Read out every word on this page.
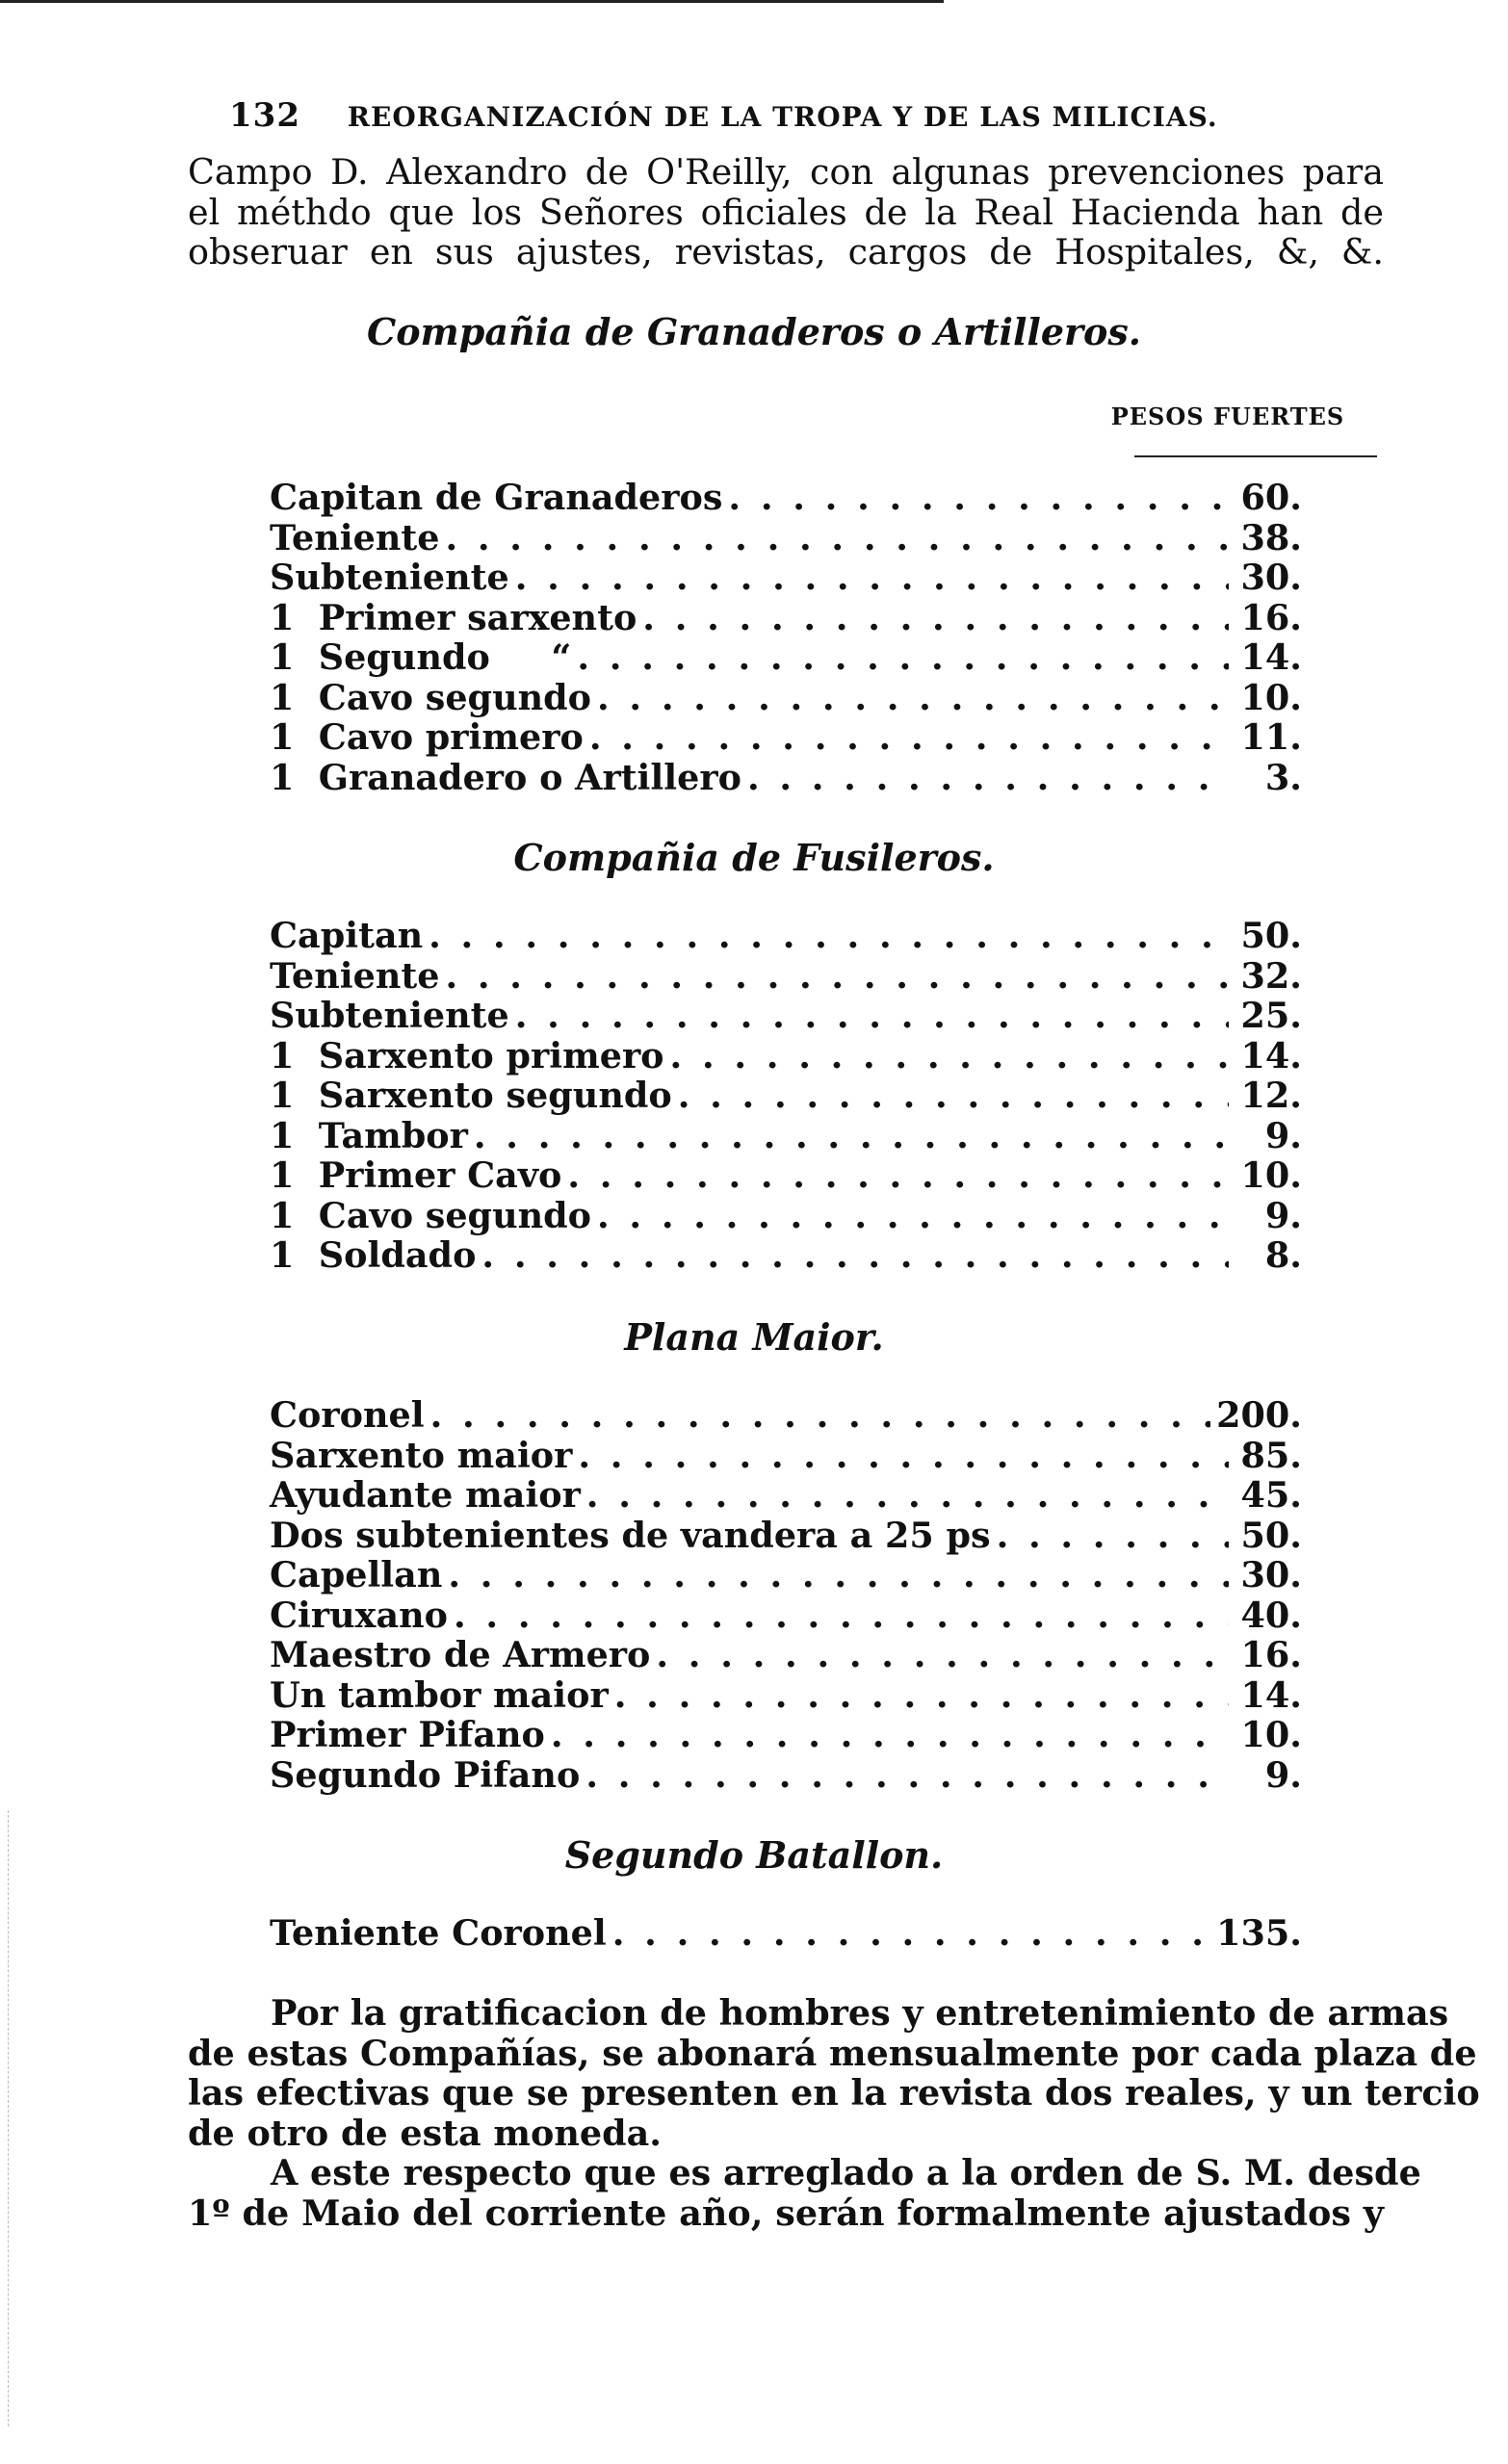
132 REORGANIZACIÓN DE LA TROPA Y DE LAS MILICIAS.
Campo D. Alexandro de O'Reilly, con algunas prevenciones para
el méthdo que los Señores oficiales de la Real Hacienda han de
obseruar en sus ajustes, revistas, cargos de Hospitales, &, &.
Compañia de Granaderos o Artilleros.
PESOS FUERTES
Capitan de Granaderos . . .	60.
Teniente . . .	38.
Subteniente . . .	30.
1  Primer sarxento . . .	16.
1  Segundo     “ . . .	14.
1  Cavo segundo . . .	10.
1  Cavo primero . . .	11.
1  Granadero o Artillero . . .	3.
Compañia de Fusileros.
Capitan . . .	50.
Teniente . . .	32.
Subteniente . . .	25.
1  Sarxento primero . . .	14.
1  Sarxento segundo . . .	12.
1  Tambor . . .	9.
1  Primer Cavo . . .	10.
1  Cavo segundo . . .	9.
1  Soldado . . .	8.
Plana Maior.
Coronel . . .	200.
Sarxento maior . . .	85.
Ayudante maior . . .	45.
Dos subtenientes de vandera a 25 ps . . .	50.
Capellan . . .	30.
Ciruxano . . .	40.
Maestro de Armero . . .	16.
Un tambor maior . . .	14.
Primer Pifano . . .	10.
Segundo Pifano . . .	9.
Segundo Batallon.
Teniente Coronel . . .	135.
Por la gratificacion de hombres y entretenimiento de armas
de estas Compañías, se abonará mensualmente por cada plaza de
las efectivas que se presenten en la revista dos reales, y un tercio
de otro de esta moneda.
A este respecto que es arreglado a la orden de S. M. desde
1º de Maio del corriente año, serán formalmente ajustados y
